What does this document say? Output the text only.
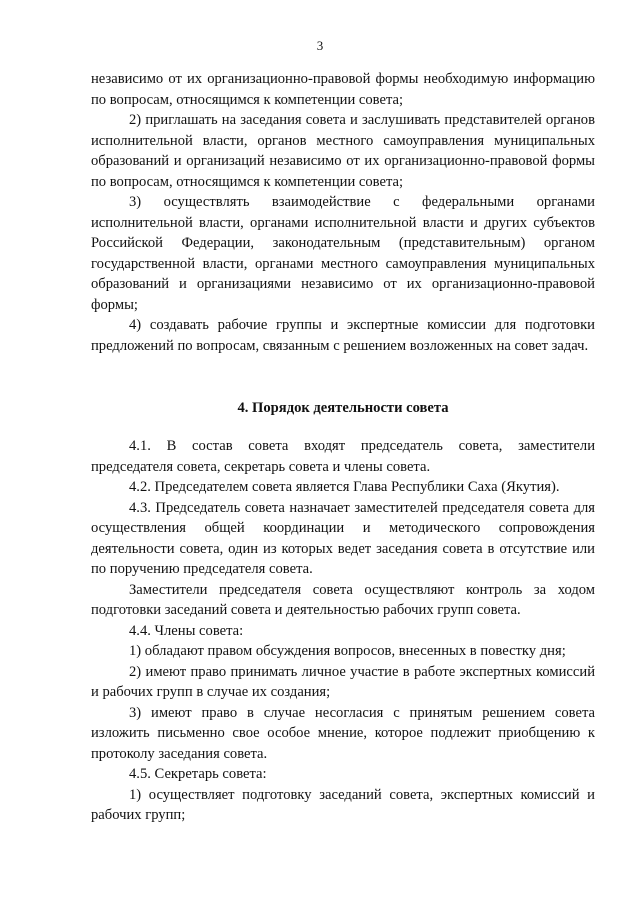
3

независимо от их организационно-правовой формы необходимую информацию по вопросам, относящимся к компетенции совета;

2) приглашать на заседания совета и заслушивать представителей органов исполнительной власти, органов местного самоуправления муниципальных образований и организаций независимо от их организационно-правовой формы по вопросам, относящимся к компетенции совета;

3) осуществлять взаимодействие с федеральными органами исполнительной власти, органами исполнительной власти и других субъектов Российской Федерации, законодательным (представительным) органом государственной власти, органами местного самоуправления муниципальных образований и организациями независимо от их организационно-правовой формы;

4) создавать рабочие группы и экспертные комиссии для подготовки предложений по вопросам, связанным с решением возложенных на совет задач.

4. Порядок деятельности совета

4.1. В состав совета входят председатель совета, заместители председателя совета, секретарь совета и члены совета.

4.2. Председателем совета является Глава Республики Саха (Якутия).

4.3. Председатель совета назначает заместителей председателя совета для осуществления общей координации и методического сопровождения деятельности совета, один из которых ведет заседания совета в отсутствие или по поручению председателя совета.

Заместители председателя совета осуществляют контроль за ходом подготовки заседаний совета и деятельностью рабочих групп совета.

4.4. Члены совета:

1) обладают правом обсуждения вопросов, внесенных в повестку дня;

2) имеют право принимать личное участие в работе экспертных комиссий и рабочих групп в случае их создания;

3) имеют право в случае несогласия с принятым решением совета изложить письменно свое особое мнение, которое подлежит приобщению к протоколу заседания совета.

4.5. Секретарь совета:

1) осуществляет подготовку заседаний совета, экспертных комиссий и рабочих групп;
